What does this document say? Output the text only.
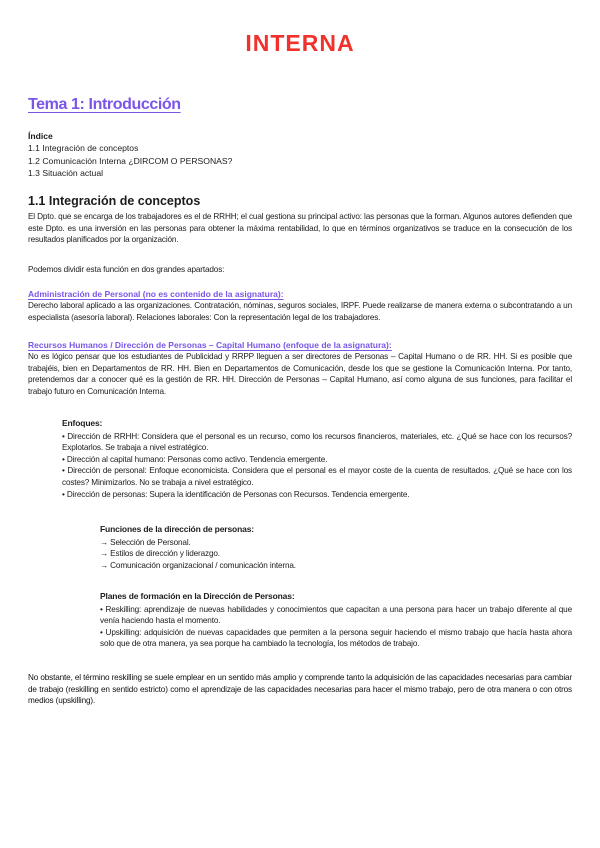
INTERNA
Tema 1: Introducción
Índice
1.1 Integración de conceptos
1.2 Comunicación Interna ¿DIRCOM O PERSONAS?
1.3 Situación actual
1.1 Integración de conceptos
El Dpto. que se encarga de los trabajadores es el de RRHH; el cual gestiona su principal activo: las personas que la forman. Algunos autores defienden que este Dpto. es una inversión en las personas para obtener la máxima rentabilidad, lo que en términos organizativos se traduce en la consecución de los resultados planificados por la organización.
Podemos dividir esta función en dos grandes apartados:
Administración de Personal (no es contenido de la asignatura):
Derecho laboral aplicado a las organizaciones. Contratación, nóminas, seguros sociales, IRPF. Puede realizarse de manera externa o subcontratando a un especialista (asesoría laboral). Relaciones laborales: Con la representación legal de los trabajadores.
Recursos Humanos / Dirección de Personas – Capital Humano (enfoque de la asignatura):
No es lógico pensar que los estudiantes de Publicidad y RRPP lleguen a ser directores de Personas – Capital Humano o de RR. HH. Si es posible que trabajéis, bien en Departamentos de RR. HH. Bien en Departamentos de Comunicación, desde los que se gestione la Comunicación Interna. Por tanto, pretendemos dar a conocer qué es la gestión de RR. HH. Dirección de Personas – Capital Humano, así como alguna de sus funciones, para facilitar el trabajo futuro en Comunicación Interna.
Enfoques:
• Dirección de RRHH: Considera que el personal es un recurso, como los recursos financieros, materiales, etc. ¿Qué se hace con los recursos? Explotarlos. Se trabaja a nivel estratégico.
• Dirección al capital humano: Personas como activo. Tendencia emergente.
• Dirección de personal: Enfoque economicista. Considera que el personal es el mayor coste de la cuenta de resultados. ¿Qué se hace con los costes? Minimizarlos. No se trabaja a nivel estratégico.
• Dirección de personas: Supera la identificación de Personas con Recursos. Tendencia emergente.
Funciones de la dirección de personas:
→ Selección de Personal.
→ Estilos de dirección y liderazgo.
→ Comunicación organizacional / comunicación interna.
Planes de formación en la Dirección de Personas:
• Reskilling: aprendizaje de nuevas habilidades y conocimientos que capacitan a una persona para hacer un trabajo diferente al que venía haciendo hasta el momento.
• Upskilling: adquisición de nuevas capacidades que permiten a la persona seguir haciendo el mismo trabajo que hacía hasta ahora solo que de otra manera, ya sea porque ha cambiado la tecnología, los métodos de trabajo.
No obstante, el término reskilling se suele emplear en un sentido más amplio y comprende tanto la adquisición de las capacidades necesarias para cambiar de trabajo (reskilling en sentido estricto) como el aprendizaje de las capacidades necesarias para hacer el mismo trabajo, pero de otra manera o con otros medios (upskilling).
